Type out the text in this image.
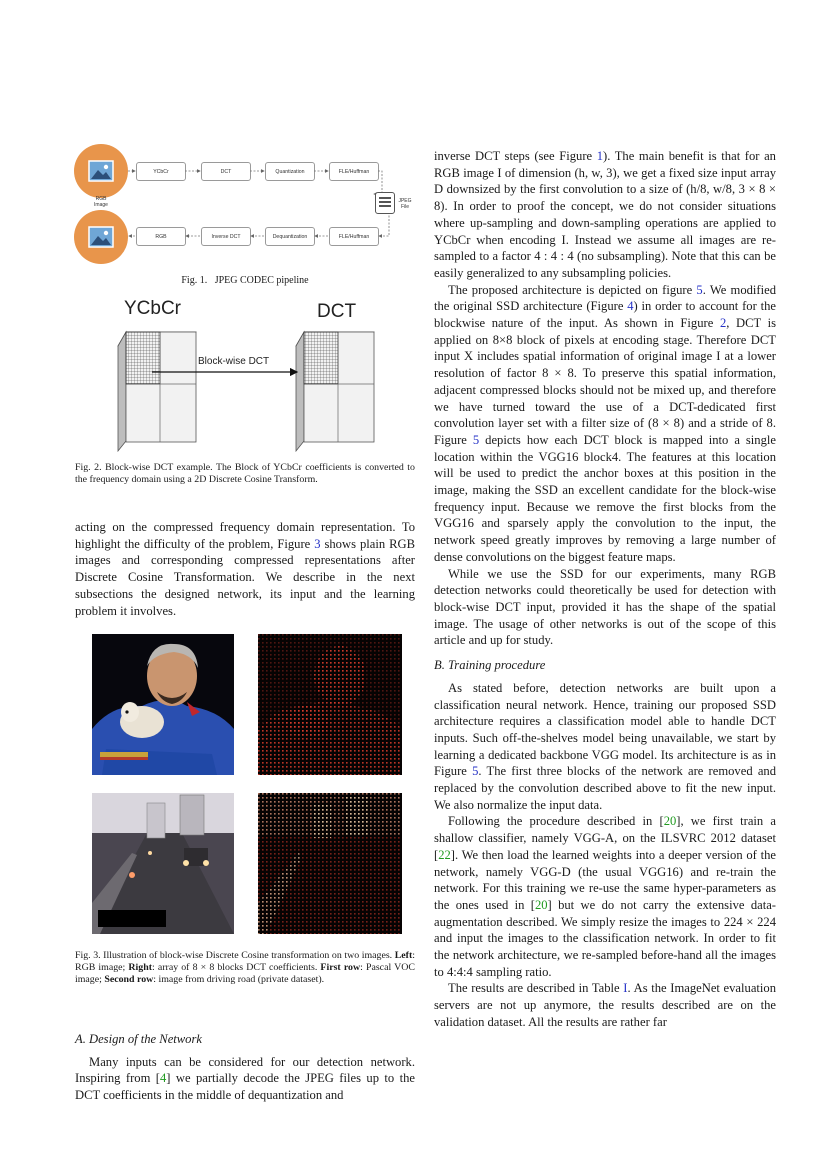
RGB Image
YCbCr	DCT	Quantization	FLE/Huffman
RGB	Inverse DCT	Dequantization	FLE/Huffman
JPEG File
Fig. 1. JPEG CODEC pipeline
YCbCr	DCT
Block-wise DCT
Fig. 2. Block-wise DCT example. The Block of YCbCr coefficients is converted to the frequency domain using a 2D Discrete Cosine Transform.

acting on the compressed frequency domain representation. To highlight the difficulty of the problem, Figure 3 shows plain RGB images and corresponding compressed representations after Discrete Cosine Transformation. We describe in the next subsections the designed network, its input and the learning problem it involves.

Fig. 3. Illustration of block-wise Discrete Cosine transformation on two images. Left: RGB image; Right: array of 8 × 8 blocks DCT coefficients. First row: Pascal VOC image; Second row: image from driving road (private dataset).

A. Design of the Network

Many inputs can be considered for our detection network. Inspiring from [4] we partially decode the JPEG files up to the DCT coefficients in the middle of dequantization and

inverse DCT steps (see Figure 1). The main benefit is that for an RGB image I of dimension (h, w, 3), we get a fixed size input array D downsized by the first convolution to a size of (h/8, w/8, 3 × 8 × 8). In order to proof the concept, we do not consider situations where up-sampling and down-sampling operations are applied to YCbCr when encoding I. Instead we assume all images are re-sampled to a factor 4 : 4 : 4 (no subsampling). Note that this can be easily generalized to any subsampling policies.

The proposed architecture is depicted on figure 5. We modified the original SSD architecture (Figure 4) in order to account for the blockwise nature of the input. As shown in Figure 2, DCT is applied on 8×8 block of pixels at encoding stage. Therefore DCT input X includes spatial information of original image I at a lower resolution of factor 8 × 8. To preserve this spatial information, adjacent compressed blocks should not be mixed up, and therefore we have turned toward the use of a DCT-dedicated first convolution layer set with a filter size of (8 × 8) and a stride of 8. Figure 5 depicts how each DCT block is mapped into a single location within the VGG16 block4. The features at this location will be used to predict the anchor boxes at this position in the image, making the SSD an excellent candidate for the block-wise frequency input. Because we remove the first blocks from the VGG16 and sparsely apply the convolution to the input, the network speed greatly improves by removing a large number of dense convolutions on the biggest feature maps.

While we use the SSD for our experiments, many RGB detection networks could theoretically be used for detection with block-wise DCT input, provided it has the shape of the spatial image. The usage of other networks is out of the scope of this article and up for study.

B. Training procedure

As stated before, detection networks are built upon a classification neural network. Hence, training our proposed SSD architecture requires a classification model able to handle DCT inputs. Such off-the-shelves model being unavailable, we start by learning a dedicated backbone VGG model. Its architecture is as in Figure 5. The first three blocks of the network are removed and replaced by the convolution described above to fit the new input. We also normalize the input data.

Following the procedure described in [20], we first train a shallow classifier, namely VGG-A, on the ILSVRC 2012 dataset [22]. We then load the learned weights into a deeper version of the network, namely VGG-D (the usual VGG16) and re-train the network. For this training we re-use the same hyper-parameters as the ones used in [20] but we do not carry the extensive data-augmentation described. We simply resize the images to 224 × 224 and input the images to the classification network. In order to fit the network architecture, we re-sampled before-hand all the images to 4:4:4 sampling ratio.

The results are described in Table I. As the ImageNet evaluation servers are not up anymore, the results described are on the validation dataset. All the results are rather far
